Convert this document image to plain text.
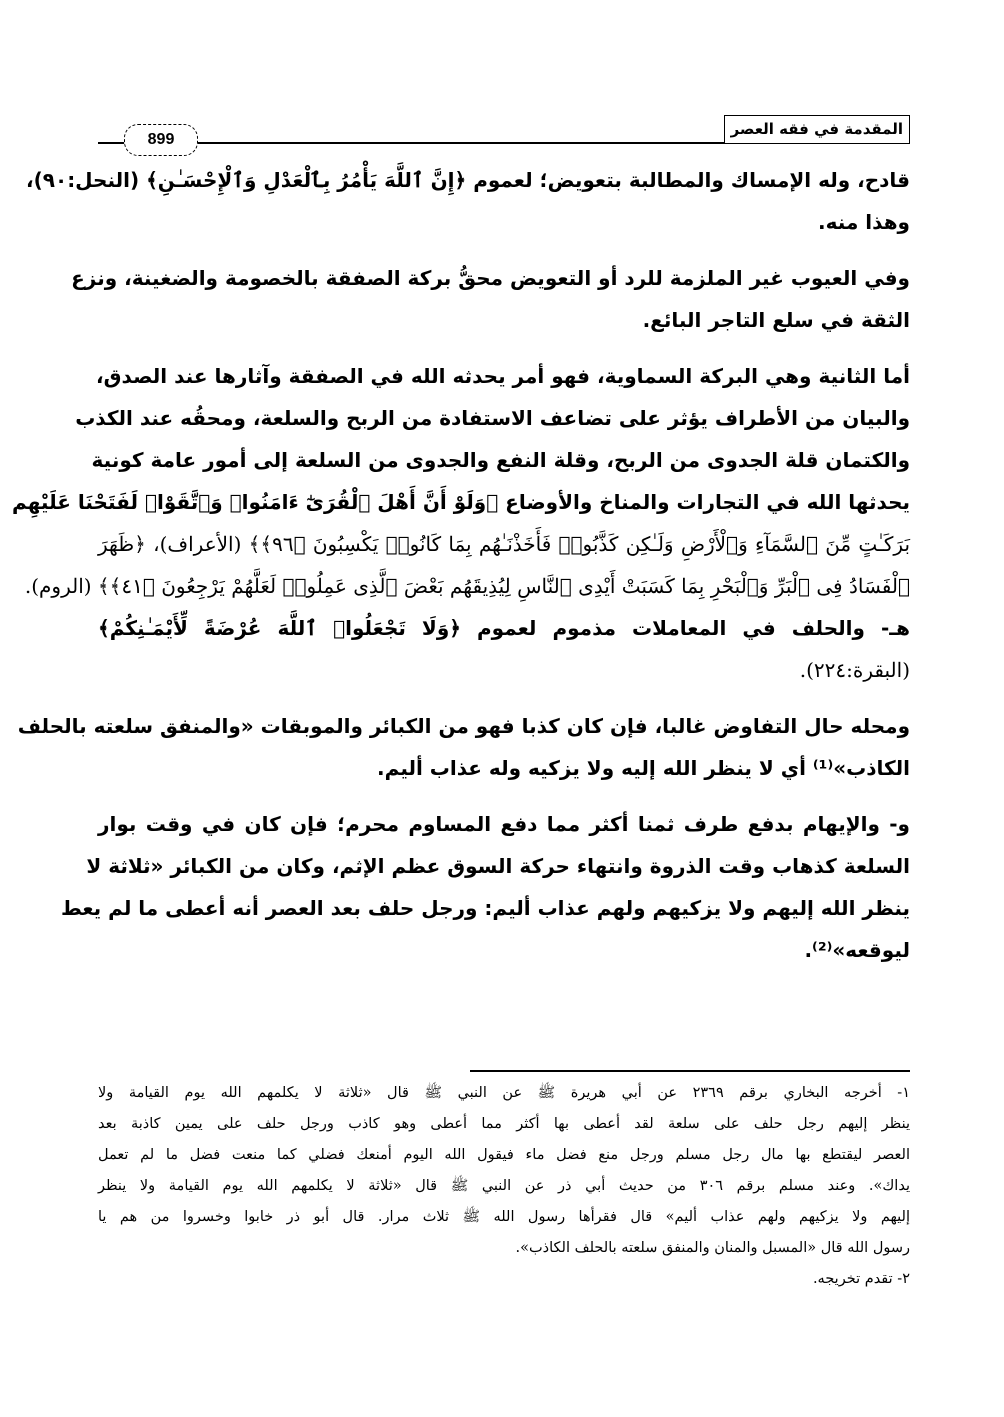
المقدمة في فقه العصر
899
قادح، وله الإمساك والمطالبة بتعويض؛ لعموم ﴿إِنَّ ٱللَّهَ يَأْمُرُ بِٱلْعَدْلِ وَٱلْإِحْسَـٰنِ﴾ (النحل:٩٠)،
وهذا منه.
وفي العيوب غير الملزمة للرد أو التعويض محقُّ بركة الصفقة بالخصومة والضغينة، ونزع
الثقة في سلع التاجر البائع.
أما الثانية وهي البركة السماوية، فهو أمر يحدثه الله في الصفقة وآثارها عند الصدق،
والبيان من الأطراف يؤثر على تضاعف الاستفادة من الربح والسلعة، ومحقُه عند الكذب
والكتمان قلة الجدوى من الربح، وقلة النفع والجدوى من السلعة إلى أمور عامة كونية
يحدثها الله في التجارات والمناخ والأوضاع ﴿وَلَوْ أَنَّ أَهْلَ ٱلْقُرَىٰٓ ءَامَنُوا۟ وَٱتَّقَوْا۟ لَفَتَحْنَا عَلَيْهِم
بَرَكَـٰتٍ مِّنَ ٱلسَّمَآءِ وَٱلْأَرْضِ وَلَـٰكِن كَذَّبُوا۟ فَأَخَذْنَـٰهُم بِمَا كَانُوا۟ يَكْسِبُونَ ﴿٩٦﴾﴾ (الأعراف)، ﴿ظَهَرَ
ٱلْفَسَادُ فِى ٱلْبَرِّ وَٱلْبَحْرِ بِمَا كَسَبَتْ أَيْدِى ٱلنَّاسِ لِيُذِيقَهُم بَعْضَ ٱلَّذِى عَمِلُوا۟ لَعَلَّهُمْ يَرْجِعُونَ ﴿٤١﴾﴾ (الروم).
هـ- والحلف في المعاملات مذموم لعموم ﴿وَلَا تَجْعَلُوا۟ ٱللَّهَ عُرْضَةً لِّأَيْمَـٰنِكُمْ﴾
(البقرة:٢٢٤).
ومحله حال التفاوض غالبا، فإن كان كذبا فهو من الكبائر والموبقات «والمنفق سلعته بالحلف
الكاذب»⁽¹⁾ أي لا ينظر الله إليه ولا يزكيه وله عذاب أليم.
و- والإيهام بدفع طرف ثمنا أكثر مما دفع المساوم محرم؛ فإن كان في وقت بوار
السلعة كذهاب وقت الذروة وانتهاء حركة السوق عظم الإثم، وكان من الكبائر «ثلاثة لا
ينظر الله إليهم ولا يزكيهم ولهم عذاب أليم: ورجل حلف بعد العصر أنه أعطى ما لم يعط
ليوقعه»⁽²⁾.
١- أخرجه البخاري برقم ٢٣٦٩ عن أبي هريرة ﷺ عن النبي ﷺ قال «ثلاثة لا يكلمهم الله يوم القيامة ولا
ينظر إليهم رجل حلف على سلعة لقد أعطى بها أكثر مما أعطى وهو كاذب ورجل حلف على يمين كاذبة بعد
العصر ليقتطع بها مال رجل مسلم ورجل منع فضل ماء فيقول الله اليوم أمنعك فضلي كما منعت فضل ما لم تعمل
يداك». وعند مسلم برقم ٣٠٦ من حديث أبي ذر عن النبي ﷺ قال «ثلاثة لا يكلمهم الله يوم القيامة ولا ينظر
إليهم ولا يزكيهم ولهم عذاب أليم» قال فقرأها رسول الله ﷺ ثلاث مرار. قال أبو ذر خابوا وخسروا من هم يا
رسول الله قال «المسبل والمنان والمنفق سلعته بالحلف الكاذب».
٢- تقدم تخريجه.
